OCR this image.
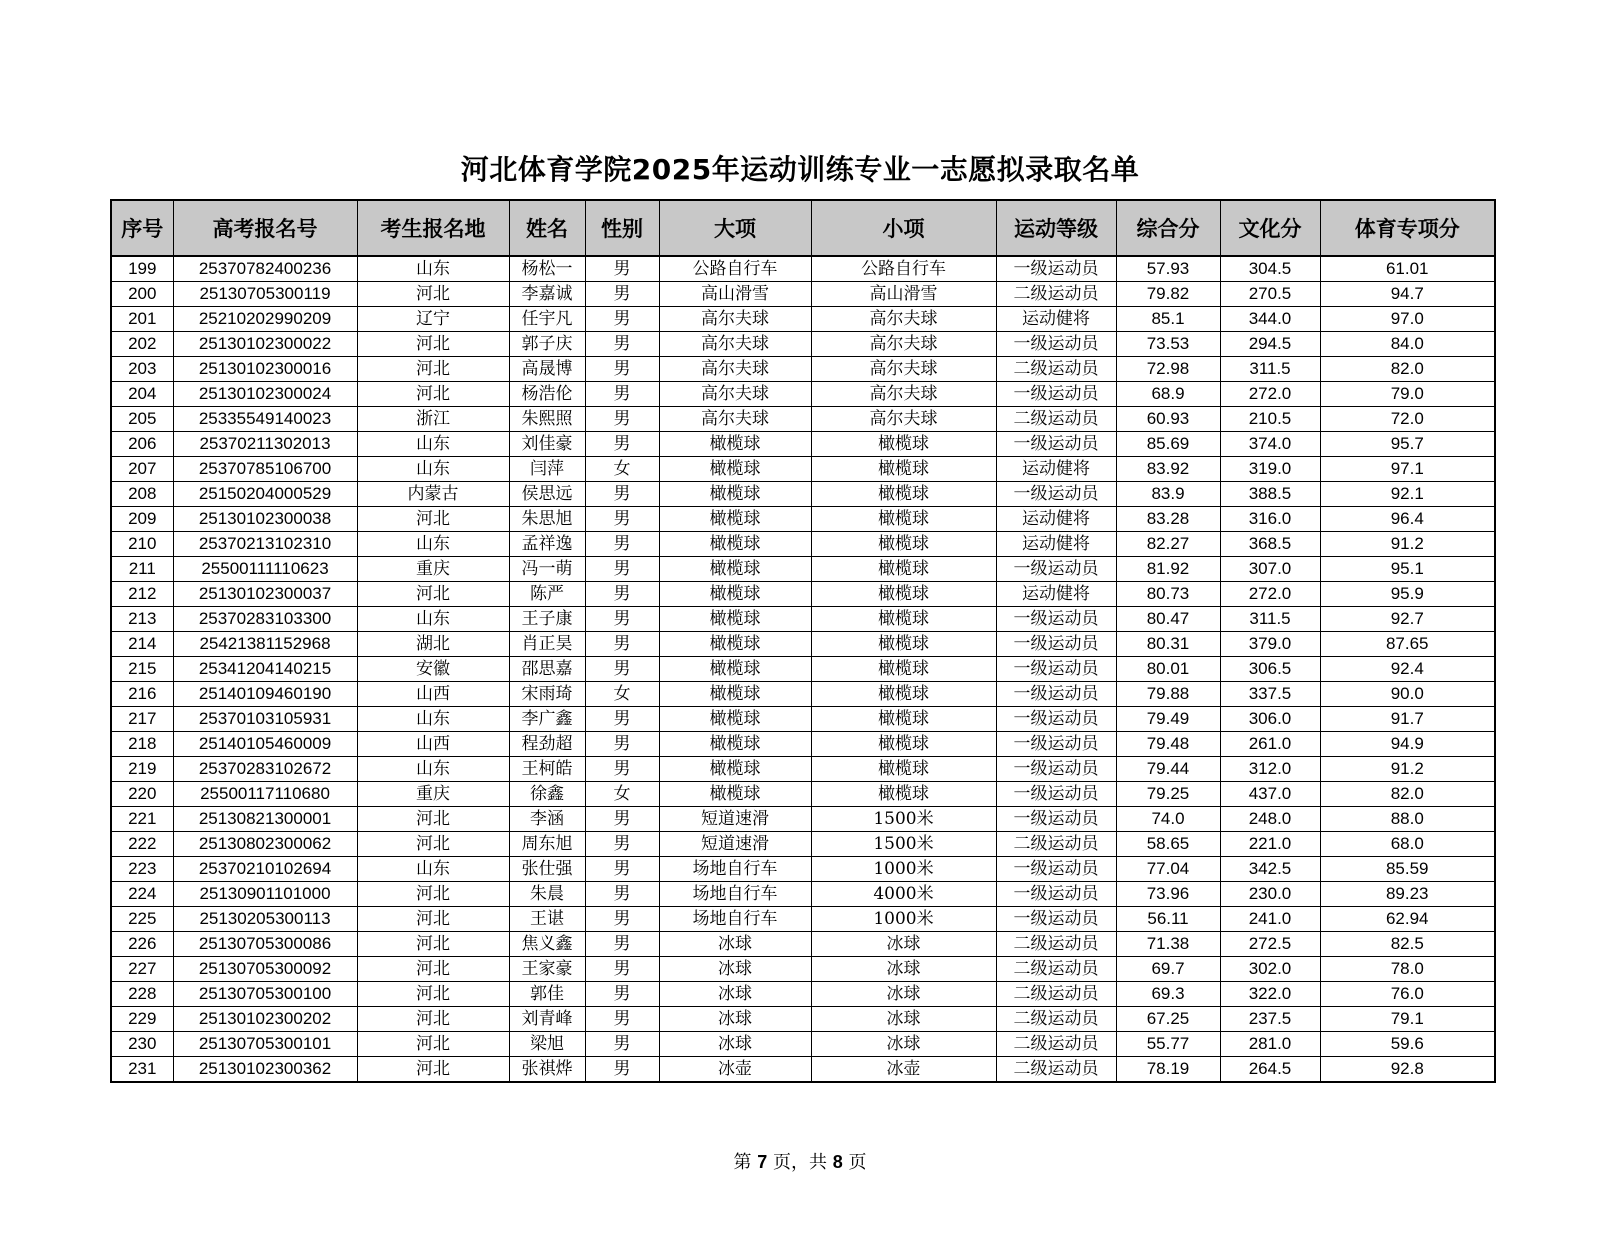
河北体育学院2025年运动训练专业一志愿拟录取名单
序号	高考报名号	考生报名地	姓名	性别	大项	小项	运动等级	综合分	文化分	体育专项分
199	25370782400236	山东	杨松一	男	公路自行车	公路自行车	一级运动员	57.93	304.5	61.01
200	25130705300119	河北	李嘉诚	男	高山滑雪	高山滑雪	二级运动员	79.82	270.5	94.7
201	25210202990209	辽宁	任宇凡	男	高尔夫球	高尔夫球	运动健将	85.1	344.0	97.0
202	25130102300022	河北	郭子庆	男	高尔夫球	高尔夫球	一级运动员	73.53	294.5	84.0
203	25130102300016	河北	高晟博	男	高尔夫球	高尔夫球	二级运动员	72.98	311.5	82.0
204	25130102300024	河北	杨浩伦	男	高尔夫球	高尔夫球	一级运动员	68.9	272.0	79.0
205	25335549140023	浙江	朱熙照	男	高尔夫球	高尔夫球	二级运动员	60.93	210.5	72.0
206	25370211302013	山东	刘佳豪	男	橄榄球	橄榄球	一级运动员	85.69	374.0	95.7
207	25370785106700	山东	闫萍	女	橄榄球	橄榄球	运动健将	83.92	319.0	97.1
208	25150204000529	内蒙古	侯思远	男	橄榄球	橄榄球	一级运动员	83.9	388.5	92.1
209	25130102300038	河北	朱思旭	男	橄榄球	橄榄球	运动健将	83.28	316.0	96.4
210	25370213102310	山东	孟祥逸	男	橄榄球	橄榄球	运动健将	82.27	368.5	91.2
211	25500111110623	重庆	冯一萌	男	橄榄球	橄榄球	一级运动员	81.92	307.0	95.1
212	25130102300037	河北	陈严	男	橄榄球	橄榄球	运动健将	80.73	272.0	95.9
213	25370283103300	山东	王子康	男	橄榄球	橄榄球	一级运动员	80.47	311.5	92.7
214	25421381152968	湖北	肖正昊	男	橄榄球	橄榄球	一级运动员	80.31	379.0	87.65
215	25341204140215	安徽	邵思嘉	男	橄榄球	橄榄球	一级运动员	80.01	306.5	92.4
216	25140109460190	山西	宋雨琦	女	橄榄球	橄榄球	一级运动员	79.88	337.5	90.0
217	25370103105931	山东	李广鑫	男	橄榄球	橄榄球	一级运动员	79.49	306.0	91.7
218	25140105460009	山西	程劲超	男	橄榄球	橄榄球	一级运动员	79.48	261.0	94.9
219	25370283102672	山东	王柯皓	男	橄榄球	橄榄球	一级运动员	79.44	312.0	91.2
220	25500117110680	重庆	徐鑫	女	橄榄球	橄榄球	一级运动员	79.25	437.0	82.0
221	25130821300001	河北	李涵	男	短道速滑	1500米	一级运动员	74.0	248.0	88.0
222	25130802300062	河北	周东旭	男	短道速滑	1500米	二级运动员	58.65	221.0	68.0
223	25370210102694	山东	张仕强	男	场地自行车	1000米	一级运动员	77.04	342.5	85.59
224	25130901101000	河北	朱晨	男	场地自行车	4000米	一级运动员	73.96	230.0	89.23
225	25130205300113	河北	王谌	男	场地自行车	1000米	一级运动员	56.11	241.0	62.94
226	25130705300086	河北	焦义鑫	男	冰球	冰球	二级运动员	71.38	272.5	82.5
227	25130705300092	河北	王家豪	男	冰球	冰球	二级运动员	69.7	302.0	78.0
228	25130705300100	河北	郭佳	男	冰球	冰球	二级运动员	69.3	322.0	76.0
229	25130102300202	河北	刘青峰	男	冰球	冰球	二级运动员	67.25	237.5	79.1
230	25130705300101	河北	梁旭	男	冰球	冰球	二级运动员	55.77	281.0	59.6
231	25130102300362	河北	张祺烨	男	冰壶	冰壶	二级运动员	78.19	264.5	92.8
第 7 页，共 8 页
